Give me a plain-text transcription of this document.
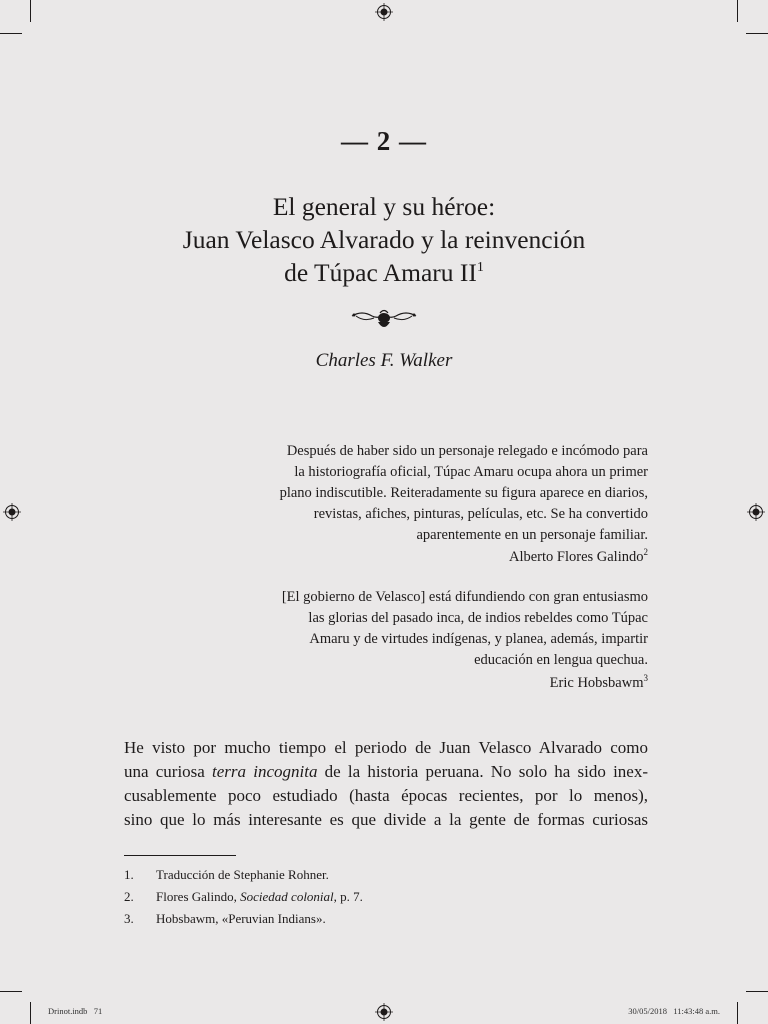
— 2 —
El general y su héroe:
Juan Velasco Alvarado y la reinvención
de Túpac Amaru $II^1$
Charles F. Walker
Después de haber sido un personaje relegado e incómodo para
la historiografía oficial, Túpac Amaru ocupa ahora un primer
plano indiscutible. Reiteradamente su figura aparece en diarios,
revistas, afiches, pinturas, películas, etc. Se ha convertido
aparentemente en un personaje familiar.
Alberto Flores Galindo$^2$
[El gobierno de Velasco] está difundiendo con gran entusiasmo
las glorias del pasado inca, de indios rebeldes como Túpac
Amaru y de virtudes indígenas, y planea, además, impartir
educación en lengua quechua.
Eric Hobsbawm$^3$
He visto por mucho tiempo el periodo de Juan Velasco Alvarado como
una curiosa terra incognita de la historia peruana. No solo ha sido inex-
cusablemente poco estudiado (hasta épocas recientes, por lo menos),
sino que lo más interesante es que divide a la gente de formas curiosas
1. Traducción de Stephanie Rohner.
2. Flores Galindo, Sociedad colonial, p. 7.
3. Hobsbawm, «Peruvian Indians».
Drinot.indb   71	30/05/2018   11:43:48 a.m.
